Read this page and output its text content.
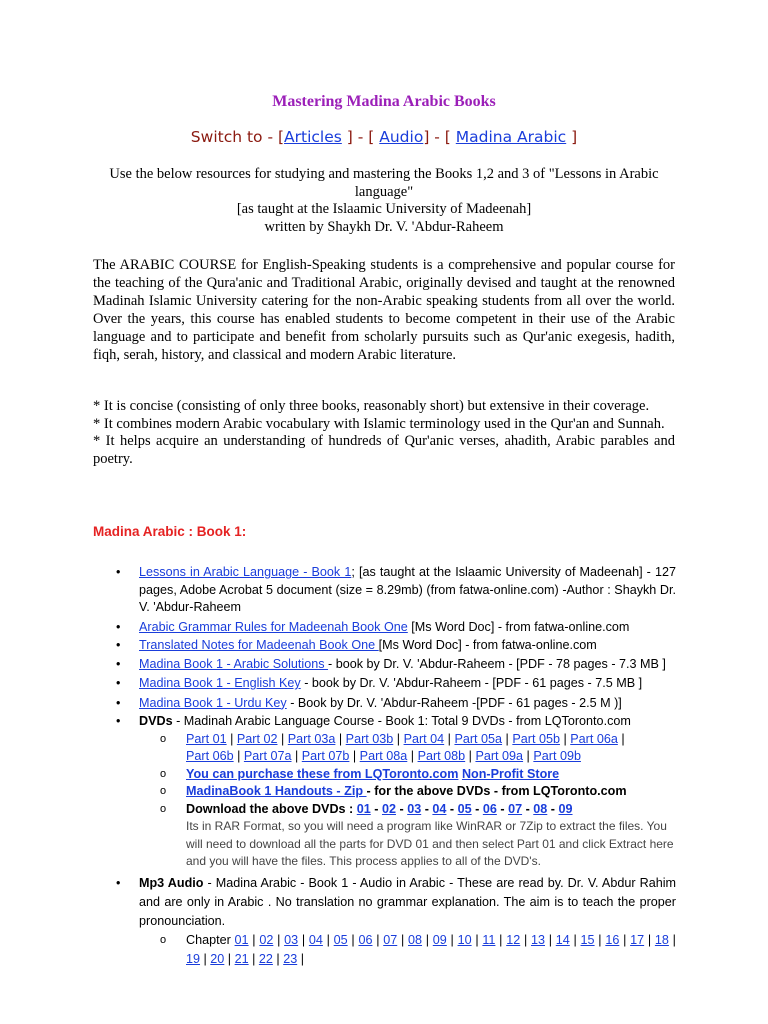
Mastering Madina Arabic Books
Switch to - [Articles ] - [ Audio] - [ Madina Arabic ]
Use the below resources for studying and mastering the Books 1,2 and 3 of "Lessons in Arabic language"
[as taught at the Islaamic University of Madeenah]
written by Shaykh Dr. V. 'Abdur-Raheem
The ARABIC COURSE for English-Speaking students is a comprehensive and popular course for the teaching of the Qura'anic and Traditional Arabic, originally devised and taught at the renowned Madinah Islamic University catering for the non-Arabic speaking students from all over the world. Over the years, this course has enabled students to become competent in their use of the Arabic language and to participate and benefit from scholarly pursuits such as Qur'anic exegesis, hadith, fiqh, serah, history, and classical and modern Arabic literature.

* It is concise (consisting of only three books, reasonably short) but extensive in their coverage.

* It combines modern Arabic vocabulary with Islamic terminology used in the Qur'an and Sunnah.

* It helps acquire an understanding of hundreds of Qur'anic verses, ahadith, Arabic parables and poetry.

Madina Arabic : Book 1:
• Lessons in Arabic Language - Book 1; [as taught at the Islaamic University of Madeenah] - 127 pages, Adobe Acrobat 5 document (size = 8.29mb) (from fatwa-online.com) -Author : Shaykh Dr. V. 'Abdur-Raheem
• Arabic Grammar Rules for Madeenah Book One [Ms Word Doc] - from fatwa-online.com
• Translated Notes for Madeenah Book One [Ms Word Doc] - from fatwa-online.com
• Madina Book 1 - Arabic Solutions - book by Dr. V. 'Abdur-Raheem - [PDF - 78 pages - 7.3 MB ]
• Madina Book 1 - English Key - book by Dr. V. 'Abdur-Raheem - [PDF - 61 pages - 7.5 MB ]
• Madina Book 1 - Urdu Key - Book by Dr. V. 'Abdur-Raheem -[PDF - 61 pages - 2.5 M )]
• DVDs - Madinah Arabic Language Course - Book 1: Total 9 DVDs - from LQToronto.com
o Part 01 | Part 02 | Part 03a | Part 03b | Part 04 | Part 05a | Part 05b | Part 06a |
Part 06b | Part 07a | Part 07b | Part 08a | Part 08b | Part 09a | Part 09b
o You can purchase these from LQToronto.com Non-Profit Store
o MadinaBook 1 Handouts - Zip - for the above DVDs - from LQToronto.com
o Download the above DVDs : 01 - 02 - 03 - 04 - 05 - 06 - 07 - 08 - 09
Its in RAR Format, so you will need a program like WinRAR or 7Zip to extract the files. You will need to download all the parts for DVD 01 and then select Part 01 and click Extract here and you will have the files. This process applies to all of the DVD's.
• Mp3 Audio - Madina Arabic - Book 1 - Audio in Arabic - These are read by. Dr. V. Abdur Rahim and are only in Arabic . No translation no grammar explanation. The aim is to teach the proper pronounciation.
o Chapter 01 | 02 | 03 | 04 | 05 | 06 | 07 | 08 | 09 | 10 | 11 | 12 | 13 | 14 | 15 | 16 | 17 | 18 | 19 | 20 | 21 | 22 | 23 |
